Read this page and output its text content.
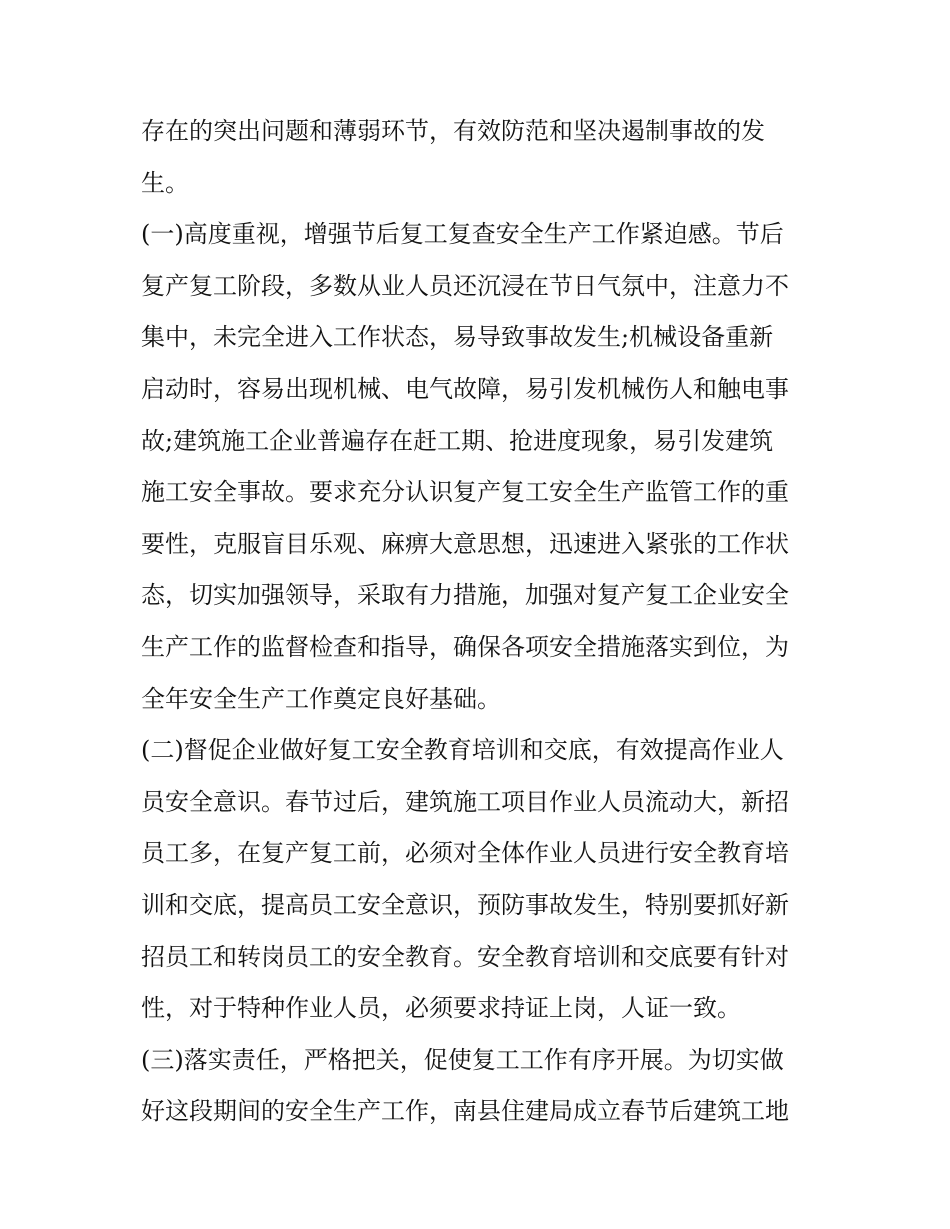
存在的突出问题和薄弱环节，有效防范和坚决遏制事故的发
生。
(一)高度重视，增强节后复工复查安全生产工作紧迫感。节后
复产复工阶段，多数从业人员还沉浸在节日气氛中，注意力不
集中，未完全进入工作状态，易导致事故发生;机械设备重新
启动时，容易出现机械、电气故障，易引发机械伤人和触电事
故;建筑施工企业普遍存在赶工期、抢进度现象，易引发建筑
施工安全事故。要求充分认识复产复工安全生产监管工作的重
要性，克服盲目乐观、麻痹大意思想，迅速进入紧张的工作状
态，切实加强领导，采取有力措施，加强对复产复工企业安全
生产工作的监督检查和指导，确保各项安全措施落实到位，为
全年安全生产工作奠定良好基础。
(二)督促企业做好复工安全教育培训和交底，有效提高作业人
员安全意识。春节过后，建筑施工项目作业人员流动大，新招
员工多，在复产复工前，必须对全体作业人员进行安全教育培
训和交底，提高员工安全意识，预防事故发生，特别要抓好新
招员工和转岗员工的安全教育。安全教育培训和交底要有针对
性，对于特种作业人员，必须要求持证上岗，人证一致。
(三)落实责任，严格把关，促使复工工作有序开展。为切实做
好这段期间的安全生产工作，南县住建局成立春节后建筑工地
